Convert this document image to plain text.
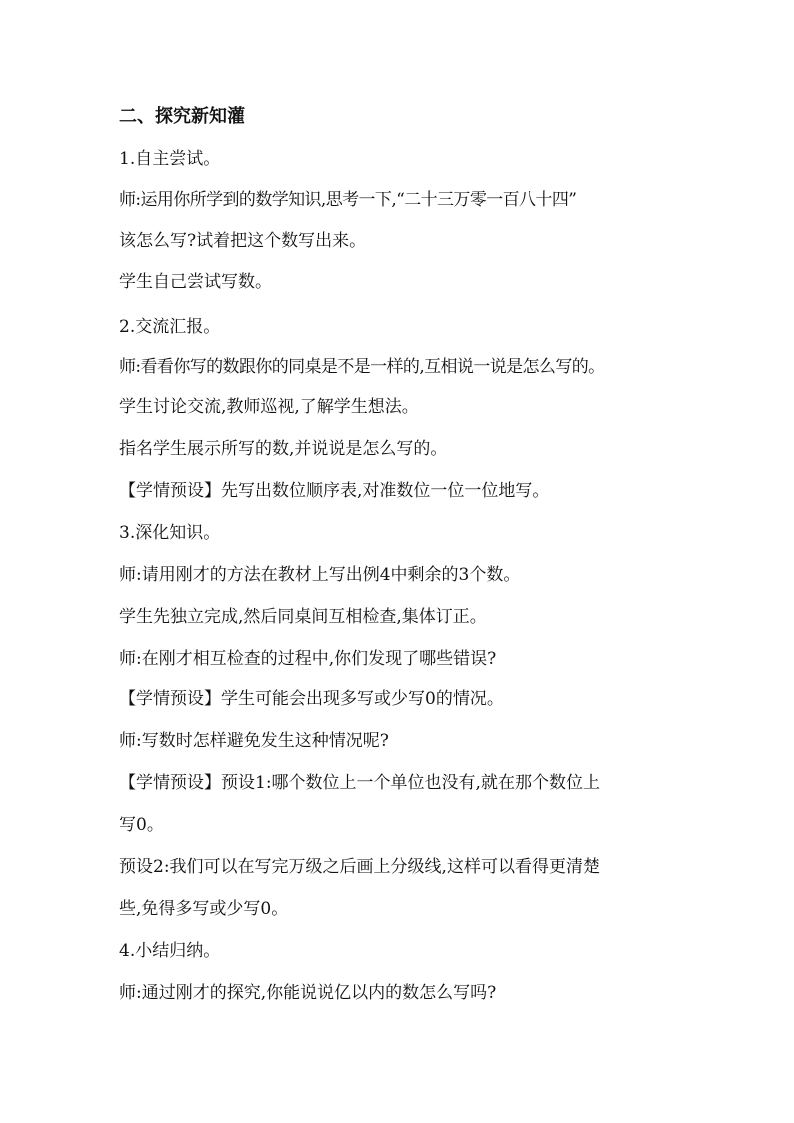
二、探究新知灌

1.自主尝试。

师:运用你所学到的数学知识,思考一下,“二十三万零一百八十四”

该怎么写?试着把这个数写出来。

学生自己尝试写数。

2.交流汇报。

师:看看你写的数跟你的同桌是不是一样的,互相说一说是怎么写的。

学生讨论交流,教师巡视,了解学生想法。

指名学生展示所写的数,并说说是怎么写的。

【学情预设】先写出数位顺序表,对准数位一位一位地写。

3.深化知识。

师:请用刚才的方法在教材上写出例4中剩余的3个数。

学生先独立完成,然后同桌间互相检查,集体订正。

师:在刚才相互检查的过程中,你们发现了哪些错误?

【学情预设】学生可能会出现多写或少写0的情况。

师:写数时怎样避免发生这种情况呢?

【学情预设】预设1:哪个数位上一个单位也没有,就在那个数位上

写0。

预设2:我们可以在写完万级之后画上分级线,这样可以看得更清楚

些,免得多写或少写0。

4.小结归纳。

师:通过刚才的探究,你能说说亿以内的数怎么写吗?
